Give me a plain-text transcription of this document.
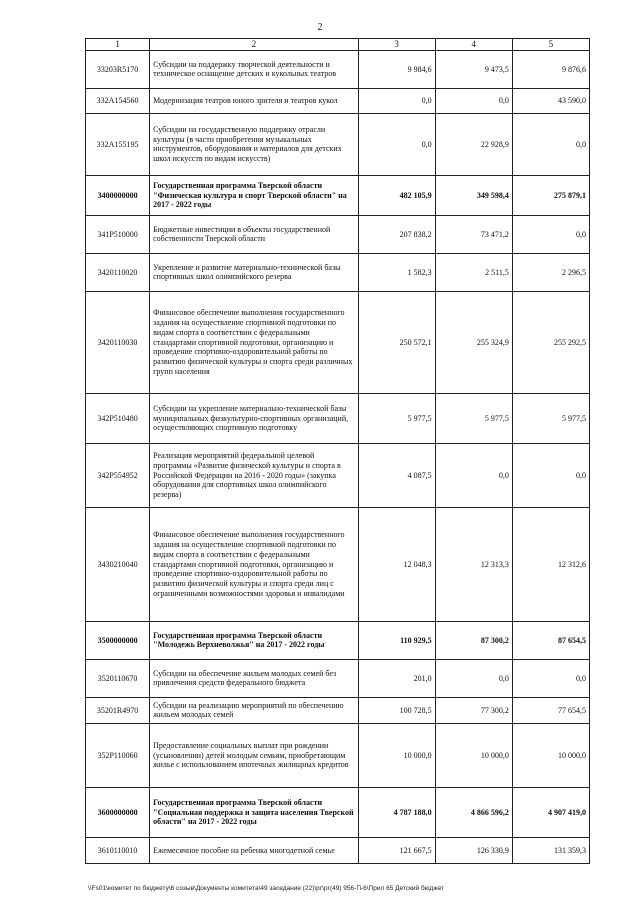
2
1	2	3	4	5
33203R5170	Субсидии на поддержку творческой деятельности и техническое оснащение детских и кукольных театров	9 984,6	9 473,5	9 876,6
332A154560	Модернизация театров юного зрителя и театров кукол	0,0	0,0	43 590,0
332A155195	Субсидии на государственную поддержку отрасли культуры (в части приобретения музыкальных инструментов, оборудования и материалов для детских школ искусств по видам искусств)	0,0	22 928,9	0,0
3400000000	Государственная программа Тверской области "Физическая культура и спорт Тверской области" на 2017 - 2022 годы	482 105,9	349 598,4	275 879,1
341P510000	Бюджетные инвестиции в объекты государственной собственности Тверской области	207 838,2	73 471,2	0,0
3420110020	Укрепление и развитие материально-технической базы спортивных школ олимпийского резерва	1 582,3	2 511,5	2 296,5
3420110030	Финансовое обеспечение выполнения государственного задания на осуществление спортивной подготовки по видам спорта в соответствии с федеральными стандартами спортивной подготовки, организацию и проведение спортивно-оздоровительной работы по развитию физической культуры и спорта среди различных групп населения	250 572,1	255 324,9	255 292,5
342P510480	Субсидии на укрепление материально-технической базы муниципальных физкультурно-спортивных организаций, осуществляющих спортивную подготовку	5 977,5	5 977,5	5 977,5
342P554952	Реализация мероприятий федеральной целевой программы «Развитие физической культуры и спорта в Российской Федерации на 2016 - 2020 годы» (закупка оборудования для спортивных школ олимпийского резерва)	4 087,5	0,0	0,0
3430210040	Финансовое обеспечение выполнения государственного задания на осуществление спортивной подготовки по видам спорта в соответствии с федеральными стандартами спортивной подготовки, организацию и проведение спортивно-оздоровительной работы по развитию физической культуры и спорта среди лиц с ограниченными возможностями здоровья и инвалидами	12 048,3	12 313,3	12 312,6
3500000000	Государственная программа Тверской области "Молодежь Верхневолжья" на 2017 - 2022 годы	110 929,5	87 300,2	87 654,5
3520110670	Субсидии на обеспечение жильем молодых семей без привлечения средств федерального бюджета	201,0	0,0	0,0
35201R4970	Субсидии на реализацию мероприятий по обеспечению жильем молодых семей	100 728,5	77 300,2	77 654,5
352P110060	Предоставление социальных выплат при рождении (усыновлении) детей молодым семьям, приобретающим жилье с использованием ипотечных жилищных кредитов	10 000,0	10 000,0	10 000,0
3600000000	Государственная программа Тверской области "Социальная поддержка и защита населения Тверской области" на 2017 - 2022 годы	4 787 188,0	4 866 596,2	4 907 419,0
3610110010	Ежемесячное пособие на ребенка многодетной семье	121 667,5	126 330,9	131 359,3
\\Fs01\комитет по бюджету\6 созыв\Документы комитета\49 заседание (22)\рг\рг(49) 956-П-6\Прил 65 Детский бюджет
